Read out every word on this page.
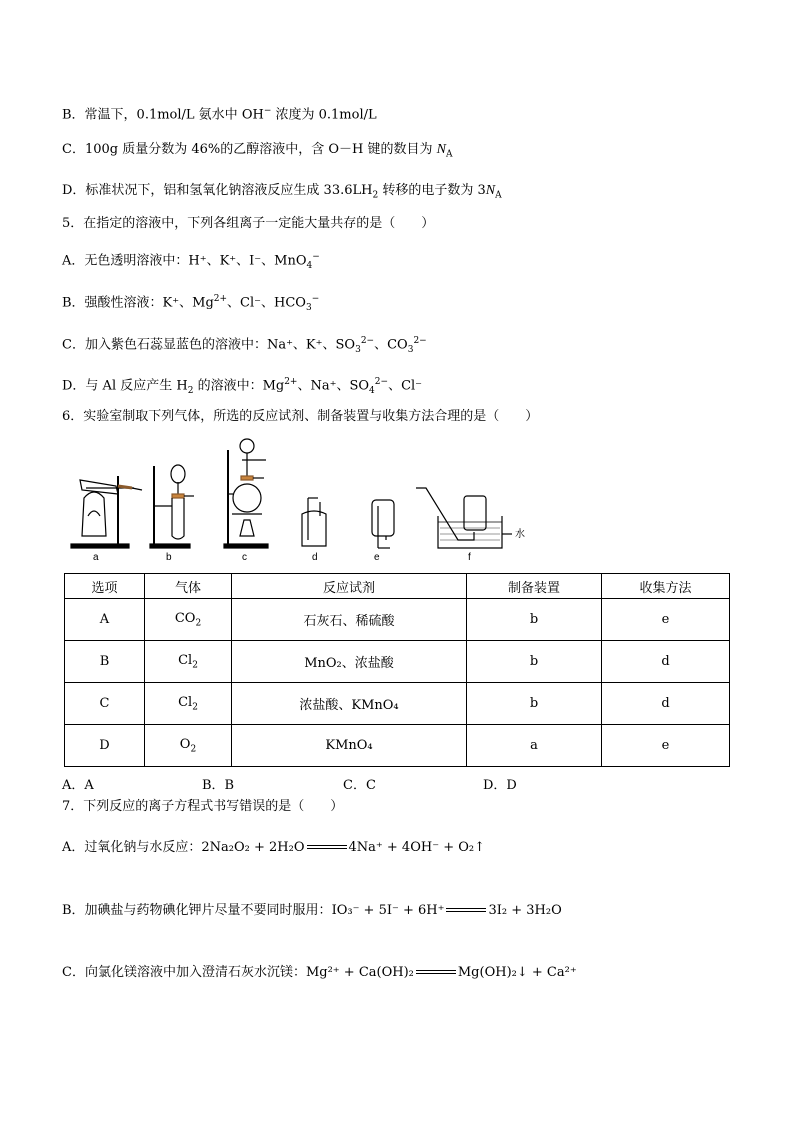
B．常温下，0.1mol/L 氨水中 OH− 浓度为 0.1mol/L
C．100g 质量分数为 46%的乙醇溶液中，含 O－H 键的数目为 $N_A$
D．标准状况下，铝和氢氧化钠溶液反应生成 $33.6LH_2$ 转移的电子数为 $3N_A$
5．在指定的溶液中，下列各组离子一定能大量共存的是（　　）
A．无色透明溶液中：H⁺、K⁺、I⁻、MnO$_4$−
B．强酸性溶液：K⁺、$Mg^{2+}$、Cl⁻、$HCO_3^-$
C．加入紫色石蕊显蓝色的溶液中：Na⁺、K⁺、$SO_3^{2-}$、$CO_3^{2-}$
D．与 Al 反应产生 $H_2$ 的溶液中：$Mg^{2+}$、Na⁺、$SO_4^{2-}$、Cl⁻
6．实验室制取下列气体，所选的反应试剂、制备装置与收集方法合理的是（　　）
水
a	b	c	d	e	f
选项	气体	反应试剂	制备装置	收集方法
A	$CO_2$	石灰石、稀硫酸	b	e
B	$Cl_2$	MnO₂、浓盐酸	b	d
C	$Cl_2$	浓盐酸、KMnO₄	b	d
D	$O_2$	KMnO₄	a	e
A．A	B．B	C．C	D．D
7．下列反应的离子方程式书写错误的是（　　）
A．过氧化钠与水反应：2Na₂O₂ + 2H₂O	4Na⁺ + 4OH⁻ + O₂↑
B．加碘盐与药物碘化钾片尽量不要同时服用：IO₃⁻ + 5I⁻ + 6H⁺	3I₂ + 3H₂O
C．向氯化镁溶液中加入澄清石灰水沉镁：Mg²⁺ + Ca(OH)₂	Mg(OH)₂↓ + Ca²⁺
